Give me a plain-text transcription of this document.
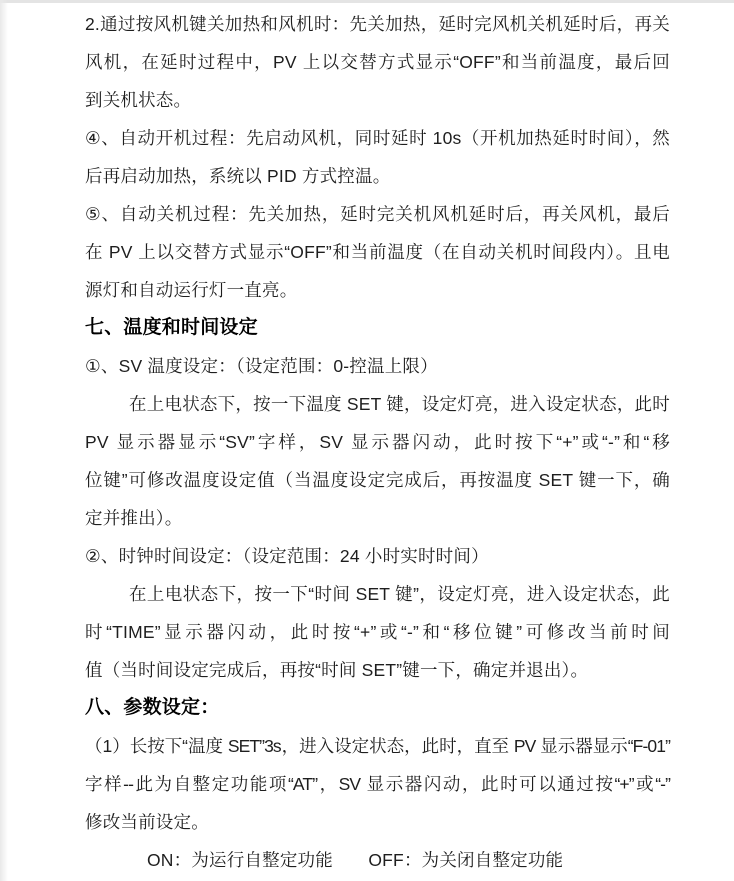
2.通过按风机键关加热和风机时：先关加热，延时完风机关机延时后，再关
风机，在延时过程中，PV 上以交替方式显示“OFF”和当前温度，最后回
到关机状态。
④、自动开机过程：先启动风机，同时延时 10s（开机加热延时时间），然
后再启动加热，系统以 PID 方式控温。
⑤、自动关机过程：先关加热，延时完关机风机延时后，再关风机，最后
在 PV 上以交替方式显示“OFF”和当前温度（在自动关机时间段内）。且电
源灯和自动运行灯一直亮。
七、温度和时间设定
①、SV 温度设定：（设定范围：0-控温上限）
在上电状态下，按一下温度 SET 键，设定灯亮，进入设定状态，此时
PV 显示器显示“SV”字样，SV 显示器闪动，此时按下“+”或“-”和“移
位键”可修改温度设定值（当温度设定完成后，再按温度 SET 键一下，确
定并推出）。
②、时钟时间设定：（设定范围：24 小时实时时间）
在上电状态下，按一下“时间 SET 键”，设定灯亮，进入设定状态，此
时“TIME”显示器闪动，此时按“+”或“-”和“移位键”可修改当前时间
值（当时间设定完成后，再按“时间 SET”键一下，确定并退出）。
八、参数设定：
（1）长按下“温度 SET”3s，进入设定状态，此时，直至 PV 显示器显示“F-01”
字样--此为自整定功能项“AT”，SV 显示器闪动，此时可以通过按“+”或“-”
修改当前设定。
ON：为运行自整定功能　　OFF：为关闭自整定功能
